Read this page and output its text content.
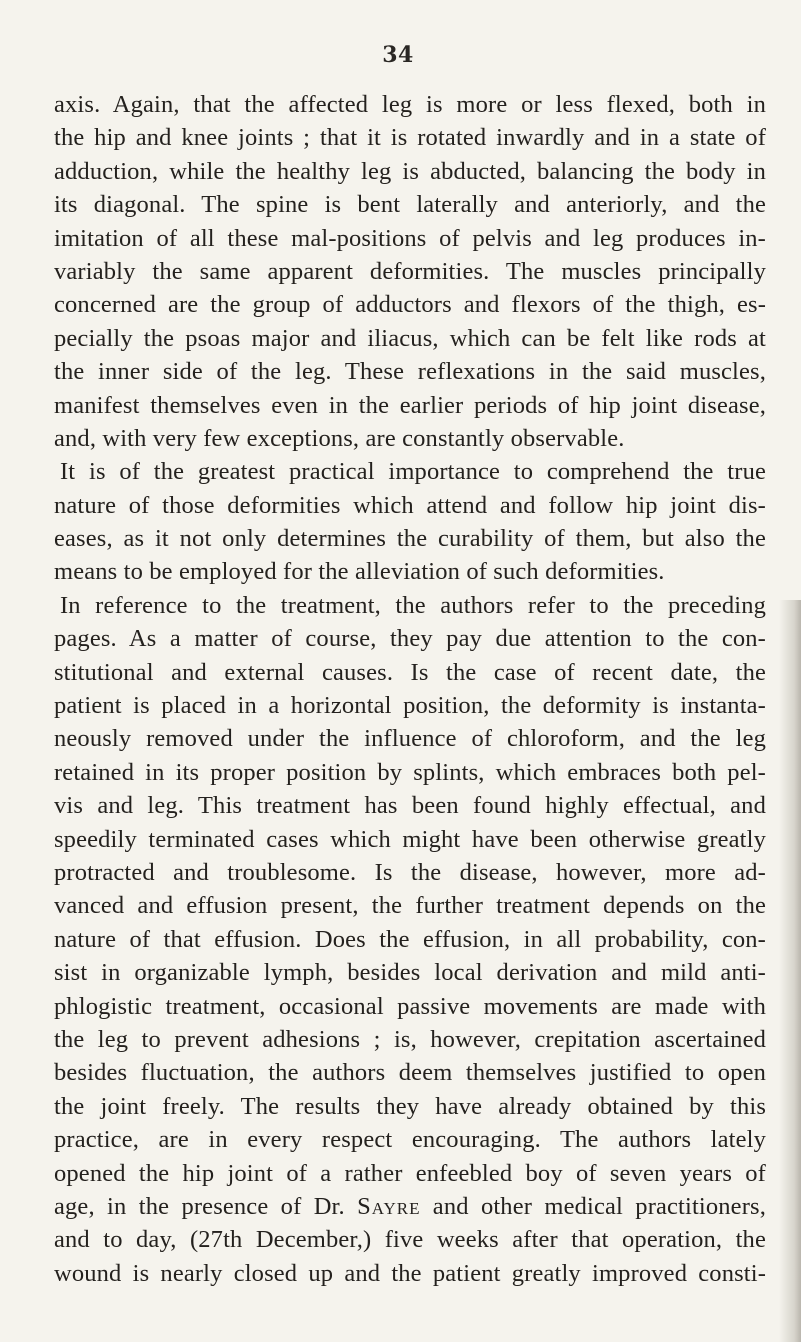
34
axis. Again, that the affected leg is more or less flexed, both in
the hip and knee joints ; that it is rotated inwardly and in a state of
adduction, while the healthy leg is abducted, balancing the body in
its diagonal. The spine is bent laterally and anteriorly, and the
imitation of all these mal-positions of pelvis and leg produces in-
variably the same apparent deformities. The muscles principally
concerned are the group of adductors and flexors of the thigh, es-
pecially the psoas major and iliacus, which can be felt like rods at
the inner side of the leg. These reflexations in the said muscles,
manifest themselves even in the earlier periods of hip joint disease,
and, with very few exceptions, are constantly observable.
It is of the greatest practical importance to comprehend the true
nature of those deformities which attend and follow hip joint dis-
eases, as it not only determines the curability of them, but also the
means to be employed for the alleviation of such deformities.
In reference to the treatment, the authors refer to the preceding
pages. As a matter of course, they pay due attention to the con-
stitutional and external causes. Is the case of recent date, the
patient is placed in a horizontal position, the deformity is instanta-
neously removed under the influence of chloroform, and the leg
retained in its proper position by splints, which embraces both pel-
vis and leg. This treatment has been found highly effectual, and
speedily terminated cases which might have been otherwise greatly
protracted and troublesome. Is the disease, however, more ad-
vanced and effusion present, the further treatment depends on the
nature of that effusion. Does the effusion, in all probability, con-
sist in organizable lymph, besides local derivation and mild anti-
phlogistic treatment, occasional passive movements are made with
the leg to prevent adhesions ; is, however, crepitation ascertained
besides fluctuation, the authors deem themselves justified to open
the joint freely. The results they have already obtained by this
practice, are in every respect encouraging. The authors lately
opened the hip joint of a rather enfeebled boy of seven years of
age, in the presence of Dr. Sayre and other medical practitioners,
and to day, (27th December,) five weeks after that operation, the
wound is nearly closed up and the patient greatly improved consti-
